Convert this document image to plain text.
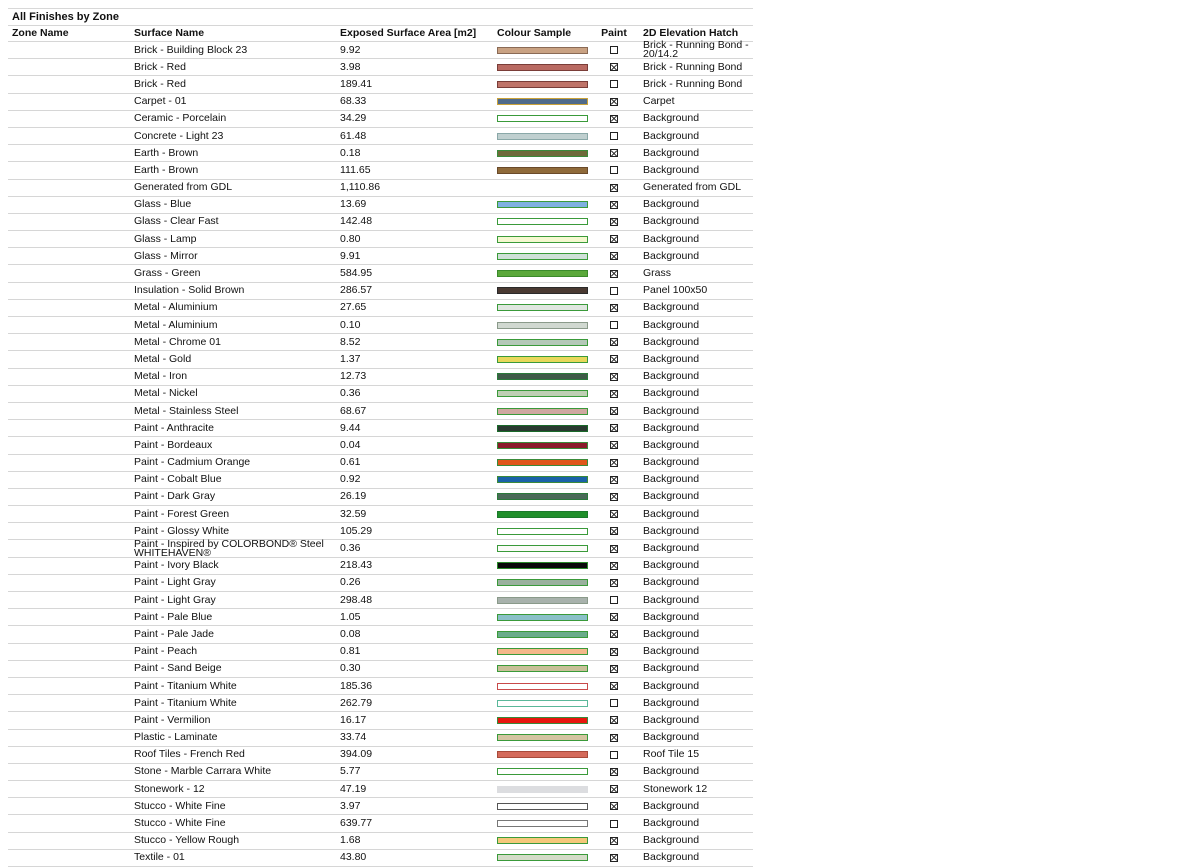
All Finishes by Zone
Zone Name	Surface Name	Exposed Surface Area [m2]	Colour Sample	Paint 2D Elevation Hatch
Brick - Building Block 23	9.92	Brick - Running Bond - 20/14.2
Brick - Red	3.98	Brick - Running Bond
Brick - Red	189.41	Brick - Running Bond
Carpet - 01	68.33	Carpet
Ceramic - Porcelain	34.29	Background
Concrete - Light 23	61.48	Background
Earth - Brown	0.18	Background
Earth - Brown	111.65	Background
Generated from GDL	1,110.86	Generated from GDL
Glass - Blue	13.69	Background
Glass - Clear Fast	142.48	Background
Glass - Lamp	0.80	Background
Glass - Mirror	9.91	Background
Grass - Green	584.95	Grass
Insulation - Solid Brown	286.57	Panel 100x50
Metal - Aluminium	27.65	Background
Metal - Aluminium	0.10	Background
Metal - Chrome 01	8.52	Background
Metal - Gold	1.37	Background
Metal - Iron	12.73	Background
Metal - Nickel	0.36	Background
Metal - Stainless Steel	68.67	Background
Paint - Anthracite	9.44	Background
Paint - Bordeaux	0.04	Background
Paint - Cadmium Orange	0.61	Background
Paint - Cobalt Blue	0.92	Background
Paint - Dark Gray	26.19	Background
Paint - Forest Green	32.59	Background
Paint - Glossy White	105.29	Background
Paint - Inspired by COLORBOND® Steel WHITEHAVEN®	0.36	Background
Paint - Ivory Black	218.43	Background
Paint - Light Gray	0.26	Background
Paint - Light Gray	298.48	Background
Paint - Pale Blue	1.05	Background
Paint - Pale Jade	0.08	Background
Paint - Peach	0.81	Background
Paint - Sand Beige	0.30	Background
Paint - Titanium White	185.36	Background
Paint - Titanium White	262.79	Background
Paint - Vermilion	16.17	Background
Plastic - Laminate	33.74	Background
Roof Tiles - French Red	394.09	Roof Tile 15
Stone - Marble Carrara White	5.77	Background
Stonework - 12	47.19	Stonework 12
Stucco - White Fine	3.97	Background
Stucco - White Fine	639.77	Background
Stucco - Yellow Rough	1.68	Background
Textile - 01	43.80	Background
